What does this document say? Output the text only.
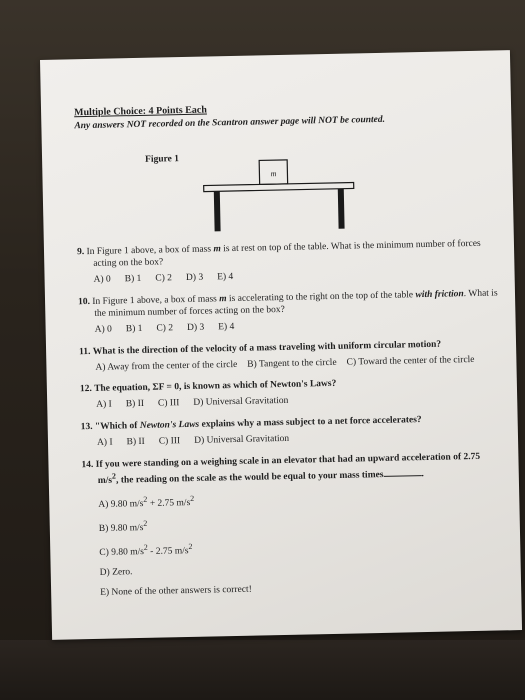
Multiple Choice: 4 Points Each
Any answers NOT recorded on the Scantron answer page will NOT be counted.
Figure 1
m
9. In Figure 1 above, a box of mass m is at rest on top of the table. What is the minimum number of forces acting on the box?
A) 0 B) 1 C) 2 D) 3 E) 4
10. In Figure 1 above, a box of mass m is accelerating to the right on the top of the table with friction. What is the minimum number of forces acting on the box?
A) 0 B) 1 C) 2 D) 3 E) 4
11. What is the direction of the velocity of a mass traveling with uniform circular motion?
A) Away from the center of the circle B) Tangent to the circle C) Toward the center of the circle
12. The equation, ΣF = 0, is known as which of Newton's Laws?
A) I B) II C) III D) Universal Gravitation
13. "Which of Newton's Laws explains why a mass subject to a net force accelerates?
A) I B) II C) III D) Universal Gravitation
14. If you were standing on a weighing scale in an elevator that had an upward acceleration of 2.75 $m/s^2$, the reading on the scale as the would be equal to your mass times	.
A) 9.80 $m/s^2 + 2.75$ $m/s^2$
B) 9.80 $m/s^2$
C) 9.80 $m/s^2 - 2.75$ $m/s^2$
D) Zero.
E) None of the other answers is correct!
